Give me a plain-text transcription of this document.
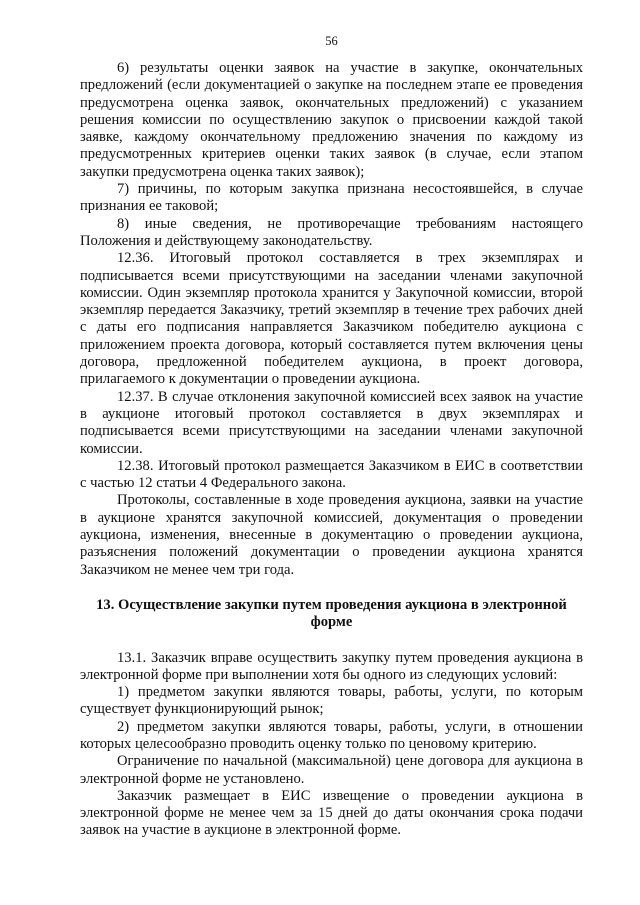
56

6) результаты оценки заявок на участие в закупке, окончательных предложений (если документацией о закупке на последнем этапе ее проведения предусмотрена оценка заявок, окончательных предложений) с указанием решения комиссии по осуществлению закупок о присвоении каждой такой заявке, каждому окончательному предложению значения по каждому из предусмотренных критериев оценки таких заявок (в случае, если этапом закупки предусмотрена оценка таких заявок);

7) причины, по которым закупка признана несостоявшейся, в случае признания ее таковой;

8) иные сведения, не противоречащие требованиям настоящего Положения и действующему законодательству.

12.36. Итоговый протокол составляется в трех экземплярах и подписывается всеми присутствующими на заседании членами закупочной комиссии. Один экземпляр протокола хранится у Закупочной комиссии, второй экземпляр передается Заказчику, третий экземпляр в течение трех рабочих дней с даты его подписания направляется Заказчиком победителю аукциона с приложением проекта договора, который составляется путем включения цены договора, предложенной победителем аукциона, в проект договора, прилагаемого к документации о проведении аукциона.

12.37. В случае отклонения закупочной комиссией всех заявок на участие в аукционе итоговый протокол составляется в двух экземплярах и подписывается всеми присутствующими на заседании членами закупочной комиссии.

12.38. Итоговый протокол размещается Заказчиком в ЕИС в соответствии с частью 12 статьи 4 Федерального закона.

Протоколы, составленные в ходе проведения аукциона, заявки на участие в аукционе хранятся закупочной комиссией, документация о проведении аукциона, изменения, внесенные в документацию о проведении аукциона, разъяснения положений документации о проведении аукциона хранятся Заказчиком не менее чем три года.

13. Осуществление закупки путем проведения аукциона в электронной форме

13.1. Заказчик вправе осуществить закупку путем проведения аукциона в электронной форме при выполнении хотя бы одного из следующих условий:

1) предметом закупки являются товары, работы, услуги, по которым существует функционирующий рынок;

2) предметом закупки являются товары, работы, услуги, в отношении которых целесообразно проводить оценку только по ценовому критерию.

Ограничение по начальной (максимальной) цене договора для аукциона в электронной форме не установлено.

Заказчик размещает в ЕИС извещение о проведении аукциона в электронной форме не менее чем за 15 дней до даты окончания срока подачи заявок на участие в аукционе в электронной форме.
